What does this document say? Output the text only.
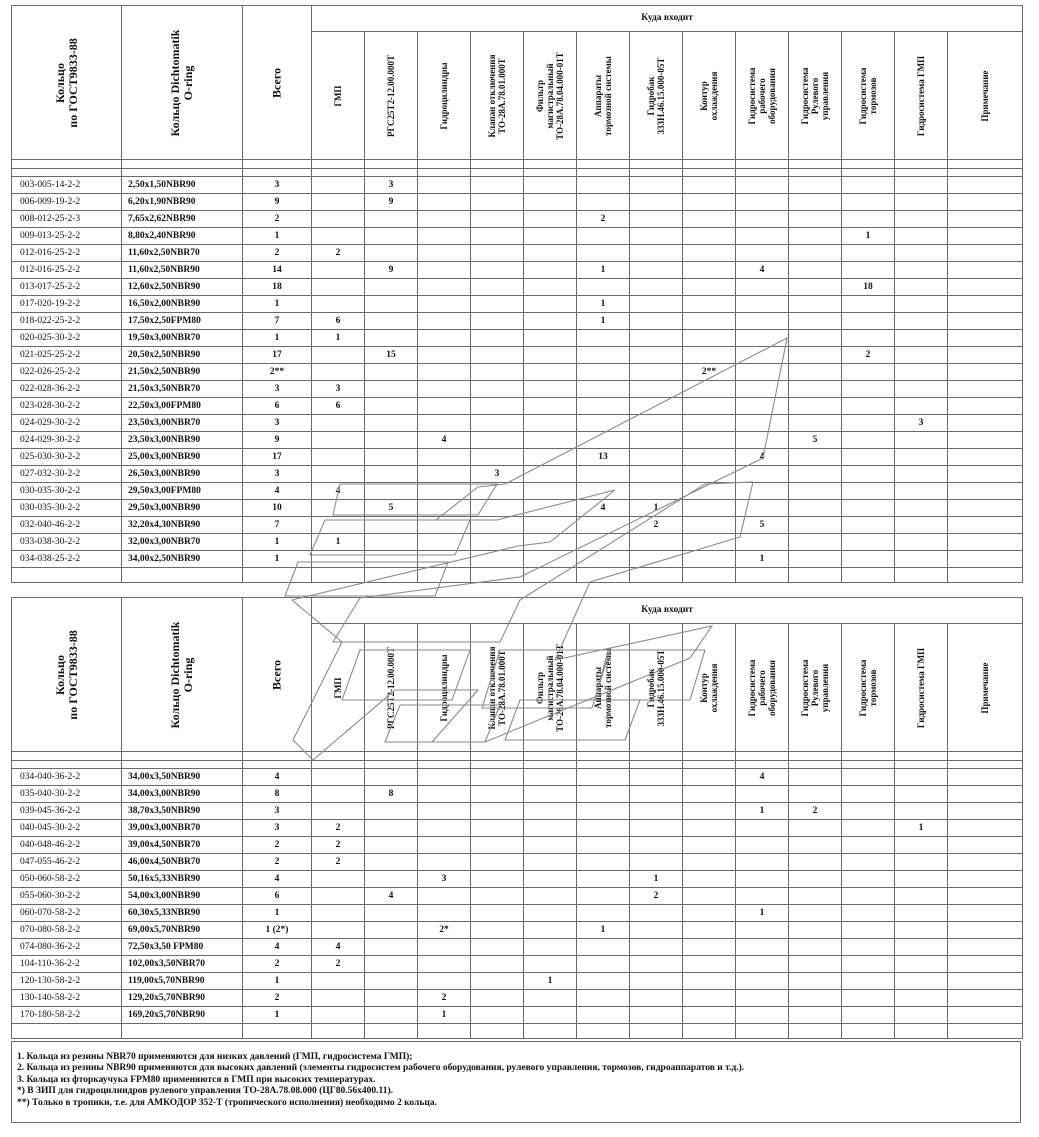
Кольцо
по ГОСТ9833-88	Кольцо Dichtomatik
O-ring	Всего	Куда входит												

			ГМП	РГС25Т2-12.00.000Т	Гидроцилиндры	Клапан отключения
ТО-28А.78.01.000Т	Фильтр
магистральный
ТО-28А.78.04.000-01Т	Аппараты
тормозной системы	Гидробак
333Н.46.15.000-05Т	Контур
охлаждения	Гидросистема
рабочего
оборудования	Гидросистема
Рулевого
управления	Гидросистема
тормозов	Гидросистема ГМП	Примечание

003-005-14-2-2	2,50x1,50NBR90	3		3											
006-009-19-2-2	6,20x1,90NBR90	9		9											
008-012-25-2-3	7,65x2,62NBR90	2						2							
009-013-25-2-2	8,80x2,40NBR90	1											1		
012-016-25-2-2	11,60x2,50NBR70	2	2												
012-016-25-2-2	11,60x2,50NBR90	14		9				1			4				
013-017-25-2-2	12,60x2,50NBR90	18											18		
017-020-19-2-2	16,50x2,00NBR90	1						1							
018-022-25-2-2	17,50x2,50FPM80	7	6					1							
020-025-30-2-2	19,50x3,00NBR70	1	1												
021-025-25-2-2	20,50x2,50NBR90	17		15									2		
022-026-25-2-2	21,50x2,50NBR90	2**								2**					
022-028-36-2-2	21,50x3,50NBR70	3	3												
023-028-30-2-2	22,50x3,00FPM80	6	6												
024-029-30-2-2	23,50x3,00NBR70	3												3	
024-029-30-2-2	23,50x3,00NBR90	9			4							5			
025-030-30-2-2	25,00x3,00NBR90	17						13			4				
027-032-30-2-2	26,50x3,00NBR90	3				3									
030-035-30-2-2	29,50x3,00FPM80	4	4												
030-035-30-2-2	29,50x3,00NBR90	10		5				4	1						
032-040-46-2-2	32,20x4,30NBR90	7							2		5				
033-038-30-2-2	32,00x3,00NBR70	1	1												
034-038-25-2-2	34,00x2,50NBR90	1									1				

Кольцо
по ГОСТ9833-88	Кольцо Dichtomatik
O-ring	Всего	Куда входит												

			ГМП	РГС25Т2-12.00.000Т	Гидроцилиндры	Клапан отключения
ТО-28А.78.01.000Т	Фильтр
магистральный
ТО-28А.78.04.000-01Т	Аппараты
тормозной системы	Гидробак
333Н.46.15.000-05Т	Контур
охлаждения	Гидросистема
рабочего
оборудования	Гидросистема
Рулевого
управления	Гидросистема
тормозов	Гидросистема ГМП	Примечание

034-040-36-2-2	34,00x3,50NBR90	4									4				
035-040-30-2-2	34,00x3,00NBR90	8		8											
039-045-36-2-2	38,70x3,50NBR90	3									1	2			
040-045-30-2-2	39,00x3,00NBR70	3	2											1	
040-048-46-2-2	39,00x4,50NBR70	2	2												
047-055-46-2-2	46,00x4,50NBR70	2	2												
050-060-58-2-2	50,16x5,33NBR90	4			3				1						
055-060-30-2-2	54,00x3,00NBR90	6		4					2						
060-070-58-2-2	60,30x5,33NBR90	1									1				
070-080-58-2-2	69,00x5,70NBR90	1 (2*)			2*			1							
074-080-36-2-2	72,50x3,50 FPM80	4	4												
104-110-36-2-2	102,00x3,50NBR70	2	2												
120-130-58-2-2	119,00x5,70NBR90	1					1								
130-140-58-2-2	129,20x5,70NBR90	2			2										
170-180-58-2-2	169,20x5,70NBR90	1			1										

1. Кольца из резины NBR70 применяются для низких давлений (ГМП, гидросистема ГМП);
2. Кольца из резины NBR90 применяются для высоких давлений (элементы гидросистем рабочего оборудования, рулевого управления, тормозов, гидроаппаратов и т.д.).
3. Кольца из фторкаучука FPM80 применяются в ГМП при высоких температурах.
*) В ЗИП для гидроцилиндров рулевого управления ТО-28А.78.08.000 (ЦГ80.56х400.11).
**) Только в тропики, т.е. для АМКОДОР 352-Т (тропического исполнения) необходимо 2 кольца.
